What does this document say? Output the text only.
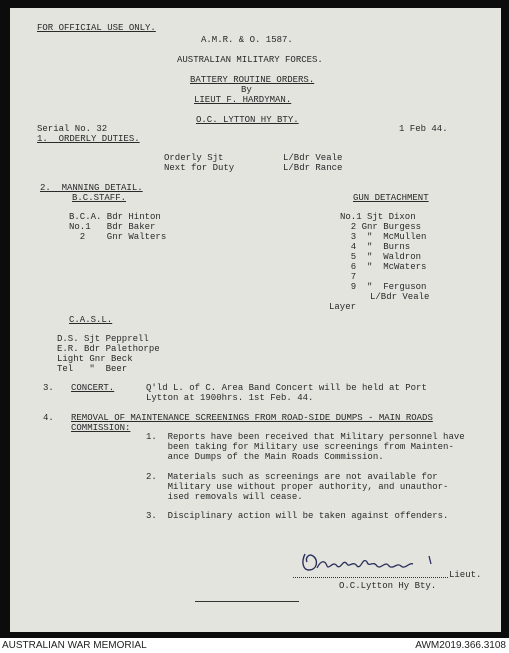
FOR OFFICIAL USE ONLY.
A.M.R. & O. 1587.
AUSTRALIAN MILITARY FORCES.
BATTERY ROUTINE ORDERS.
By
LIEUT F. HARDYMAN.
O.C. LYTTON HY BTY.
Serial No. 32	1 Feb 44.
1.  ORDERLY DUTIES.
Orderly Sjt	L/Bdr Veale
Next for Duty	L/Bdr Rance
2.  MANNING DETAIL.
B.C.STAFF.	GUN DETACHMENT
B.C.A. Bdr Hinton
No.1   Bdr Baker
2    Gnr Walters
No.1 Sjt Dixon
2 Gnr Burgess
3  "  McMullen
4  "  Burns
5  "  Waldron
6  "  McWaters
7
9  "  Ferguson
L/Bdr Veale
Layer
C.A.S.L.
D.S. Sjt Pepprell
E.R. Bdr Palethorpe
Light Gnr Beck
Tel   "  Beer
3. CONCERT.	Q'ld L. of C. Area Band Concert will be held at Port
Lytton at 1900hrs. 1st Feb. 44.
4. REMOVAL OF MAINTENANCE SCREENINGS FROM ROAD-SIDE DUMPS - MAIN ROADS
COMMISSION:
1.  Reports have been received that Military personnel have
been taking for Military use screenings from Mainten-
ance Dumps of the Main Roads Commission.
2.  Materials such as screenings are not available for
Military use without proper authority, and unauthor-
ised removals will cease.
3.  Disciplinary action will be taken against offenders.
Lieut.
O.C.Lytton Hy Bty.
AUSTRALIAN WAR MEMORIAL	AWM2019.366.3108
